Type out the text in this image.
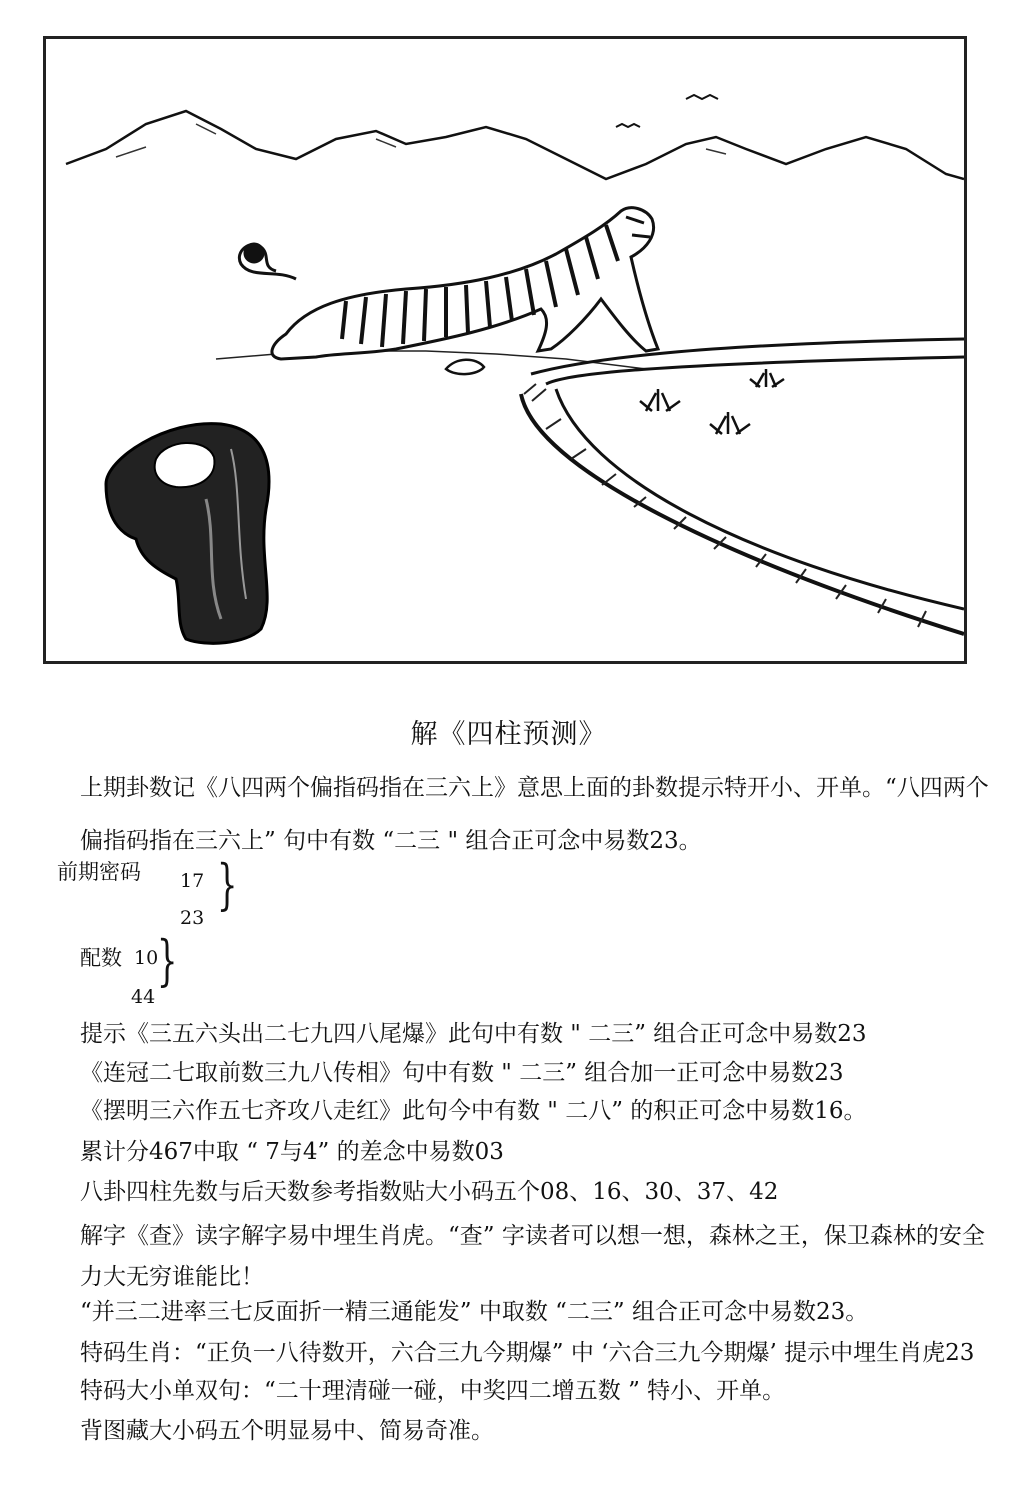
解《四柱预测》
上期卦数记《八四两个偏指码指在三六上》意思上面的卦数提示特开小、开单。“八四两个
偏指码指在三六上” 句中有数 “二三 " 组合正可念中易数23。
前期密码 17
23
}
配数 10
44
}
提示《三五六头出二七九四八尾爆》此句中有数 " 二三” 组合正可念中易数23
《连冠二七取前数三九八传相》句中有数 " 二三” 组合加一正可念中易数23
《摆明三六作五七齐攻八走红》此句今中有数 " 二八” 的积正可念中易数16。
累计分467中取 “ 7与4” 的差念中易数03
八卦四柱先数与后天数参考指数贴大小码五个08、16、30、37、42
解字《查》读字解字易中埋生肖虎。“查” 字读者可以想一想，森林之王，保卫森林的安全
力大无穷谁能比！
“并三二进率三七反面折一精三通能发” 中取数 “二三” 组合正可念中易数23。
特码生肖：“正负一八待数开，六合三九今期爆” 中 ‘六合三九今期爆’ 提示中埋生肖虎23
特码大小单双句：“二十理清碰一碰，中奖四二增五数 ” 特小、开单。
背图藏大小码五个明显易中、简易奇准。
